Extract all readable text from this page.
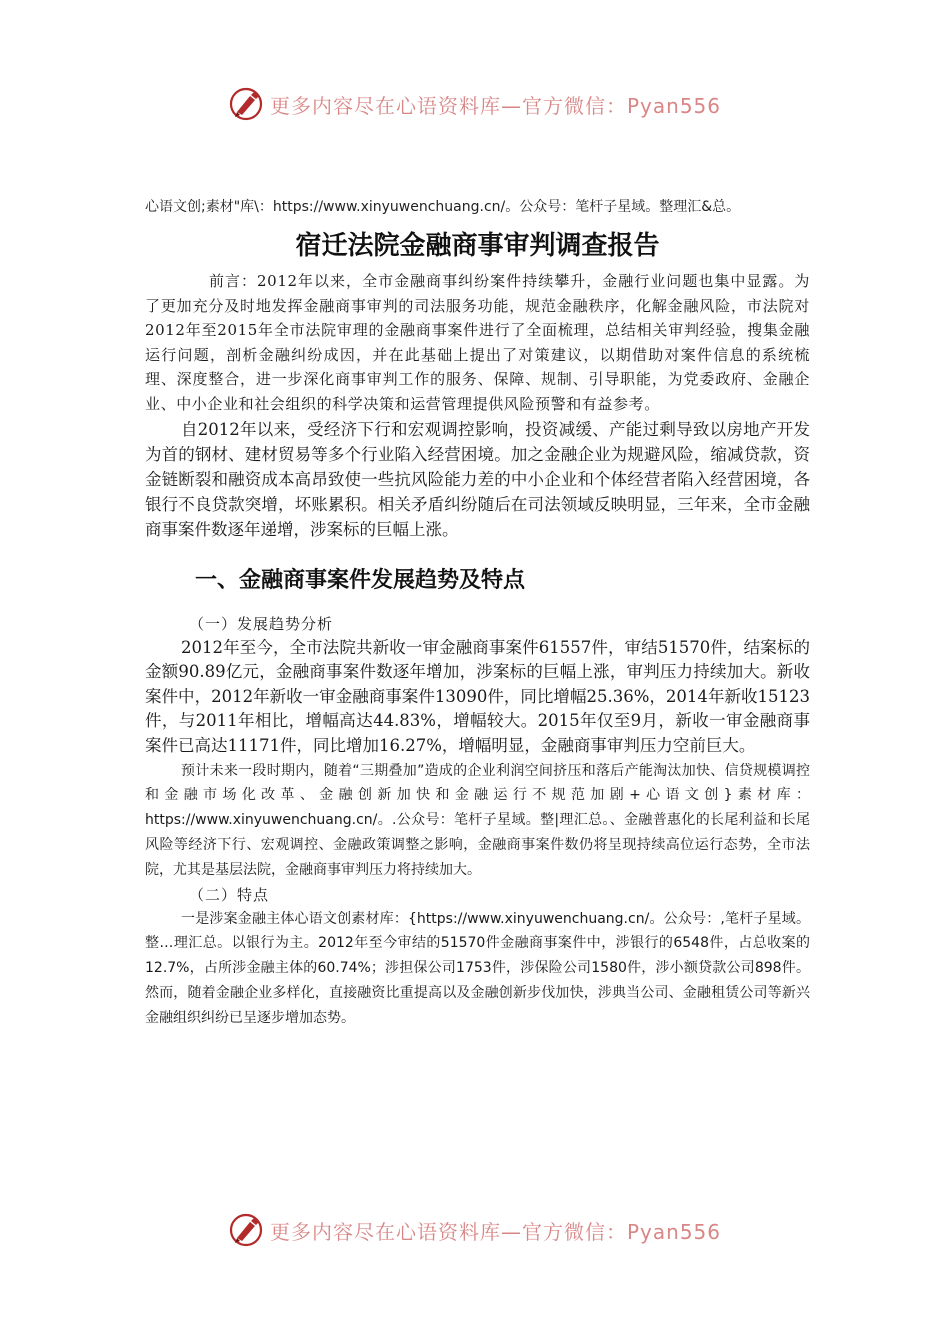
更多内容尽在心语资料库—官方微信：Pyan556
心语文创;素材"库\：https://www.xinyuwenchuang.cn/。公众号：笔杆子星域。整理汇&总。
宿迁法院金融商事审判调查报告

前言：2012年以来，全市金融商事纠纷案件持续攀升，金融行业问题也集中显露。为了更加充分及时地发挥金融商事审判的司法服务功能，规范金融秩序，化解金融风险，市法院对2012年至2015年全市法院审理的金融商事案件进行了全面梳理，总结相关审判经验，搜集金融运行问题，剖析金融纠纷成因，并在此基础上提出了对策建议，以期借助对案件信息的系统梳理、深度整合，进一步深化商事审判工作的服务、保障、规制、引导职能，为党委政府、金融企业、中小企业和社会组织的科学决策和运营管理提供风险预警和有益参考。

自2012年以来，受经济下行和宏观调控影响，投资减缓、产能过剩导致以房地产开发为首的钢材、建材贸易等多个行业陷入经营困境。加之金融企业为规避风险，缩减贷款，资金链断裂和融资成本高昂致使一些抗风险能力差的中小企业和个体经营者陷入经营困境，各银行不良贷款突增，坏账累积。相关矛盾纠纷随后在司法领域反映明显，三年来，全市金融商事案件数逐年递增，涉案标的巨幅上涨。

一、金融商事案件发展趋势及特点
（一）发展趋势分析

2012年至今，全市法院共新收一审金融商事案件61557件，审结51570件，结案标的金额90.89亿元，金融商事案件数逐年增加，涉案标的巨幅上涨，审判压力持续加大。新收案件中，2012年新收一审金融商事案件13090件，同比增幅25.36%，2014年新收15123件，与2011年相比，增幅高达44.83%，增幅较大。2015年仅至9月，新收一审金融商事案件已高达11171件，同比增加16.27%，增幅明显，金融商事审判压力空前巨大。

预计未来一段时期内，随着“三期叠加”造成的企业利润空间挤压和落后产能淘汰加快、信贷规模调控和金融市场化改革、金融创新加快和金融运行不规范加剧+心语文创}素材库：https://www.xinyuwenchuang.cn/。.公众号：笔杆子星域。整|理汇总。、金融普惠化的长尾利益和长尾风险等经济下行、宏观调控、金融政策调整之影响，金融商事案件数仍将呈现持续高位运行态势，全市法院，尤其是基层法院，金融商事审判压力将持续加大。

（二）特点

一是涉案金融主体心语文创素材库：{https://www.xinyuwenchuang.cn/。公众号：,笔杆子星域。整…理汇总。以银行为主。2012年至今审结的51570件金融商事案件中，涉银行的6548件，占总收案的12.7%，占所涉金融主体的60.74%；涉担保公司1753件，涉保险公司1580件，涉小额贷款公司898件。然而，随着金融企业多样化，直接融资比重提高以及金融创新步伐加快，涉典当公司、金融租赁公司等新兴金融组织纠纷已呈逐步增加态势。

更多内容尽在心语资料库—官方微信：Pyan556
